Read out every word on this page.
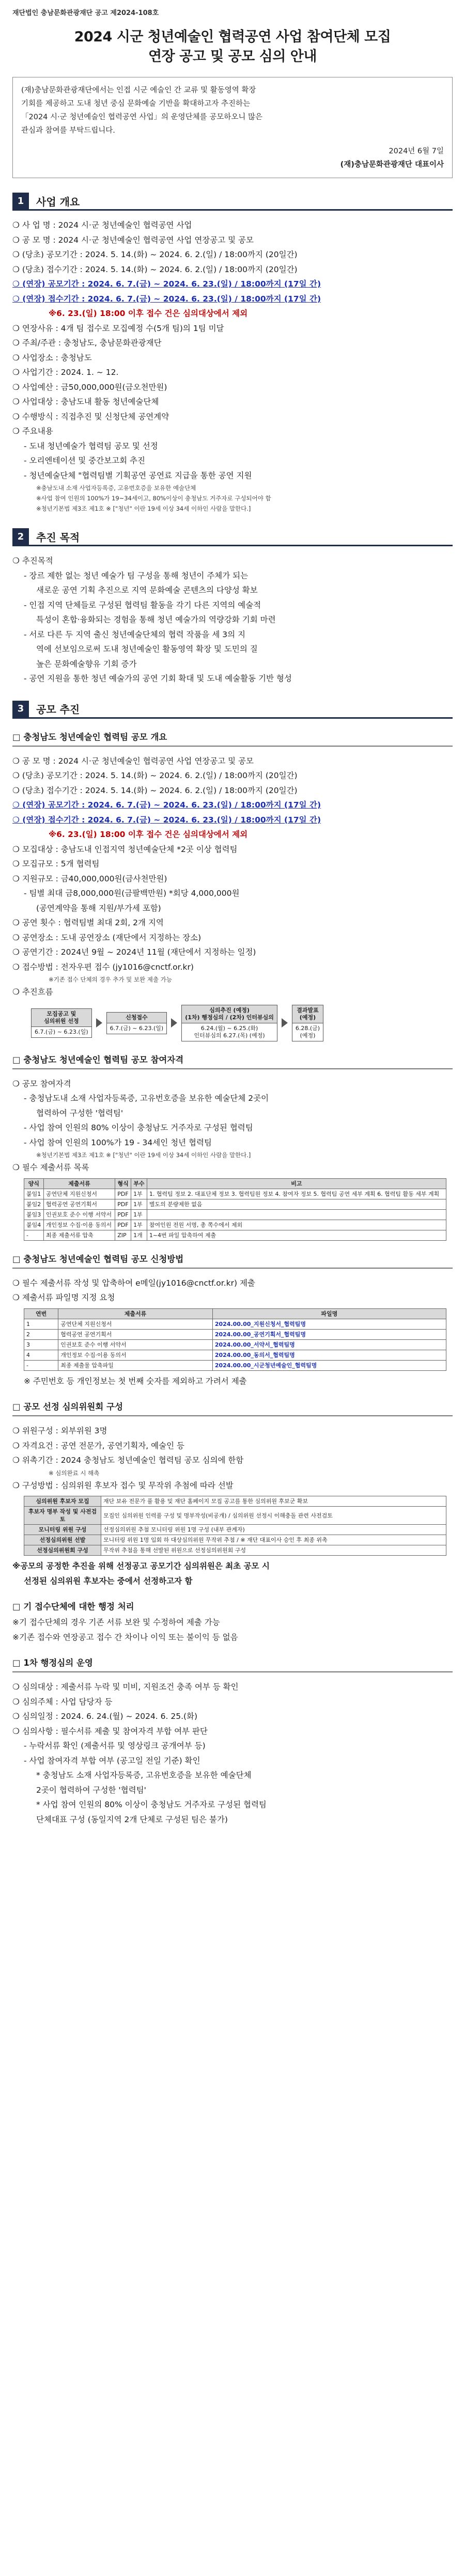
재단법인 충남문화관광재단 공고 제2024-108호
2024 시군 청년예술인 협력공연 사업 참여단체 모집
연장 공고 및 공모 심의 안내
(재)충남문화관광재단에서는 인접 시군 예술인 간 교류 및 활동영역 확장
기회를 제공하고 도내 청년 중심 문화예술 기반을 확대하고자 추진하는
「2024 시·군 청년예술인 협력공연 사업」의 운영단체를 공모하오니 많은
관심과 참여를 부탁드립니다.
2024년 6월 7일
(재)충남문화관광재단 대표이사
1	사업 개요
❍ 사 업 명 : 2024 시·군 청년예술인 협력공연 사업
❍ 공 모 명 : 2024 시·군 청년예술인 협력공연 사업 연장공고 및 공모
❍ (당초) 공모기간 : 2024. 5. 14.(화) ~ 2024. 6. 2.(일) / 18:00까지 (20일간)
❍ (당초) 접수기간 : 2024. 5. 14.(화) ~ 2024. 6. 2.(일) / 18:00까지 (20일간)
❍ (연장) 공모기간 : 2024. 6. 7.(금) ~ 2024. 6. 23.(일) / 18:00까지 (17일 간)
❍ (연장) 접수기간 : 2024. 6. 7.(금) ~ 2024. 6. 23.(일) / 18:00까지 (17일 간)
※6. 23.(일) 18:00 이후 접수 건은 심의대상에서 제외
❍ 연장사유 : 4개 팀 접수로 모집예정 수(5개 팀)의 1팀 미달
❍ 주최/주관 : 충청남도, 충남문화관광재단
❍ 사업장소 : 충청남도
❍ 사업기간 : 2024. 1. ~ 12.
❍ 사업예산 : 금50,000,000원(금오천만원)
❍ 사업대상 : 충남도내 활동 청년예술단체
❍ 수행방식 : 직접추진 및 신청단체 공연계약
❍ 주요내용
- 도내 청년예술가 협력팀 공모 및 선정
- 오리엔테이션 및 중간보고회 추진
- 청년예술단체 "협력팀별 기획공연 공연료 지급을 통한 공연 지원
※충남도내 소재 사업자등록증, 고유번호증을 보유한 예술단체
※사업 참여 인원의 100%가 19~34세이고, 80%이상이 충청남도 거주자로 구성되어야 함
※청년기본법 제3조 제1호 ※ ["청년" 이란 19세 이상 34세 이하인 사람을 말한다.]
2	추진 목적
❍ 추진목적
- 장르 제한 없는 청년 예술가 팀 구성을 통해 청년이 주체가 되는
새로운 공연 기획 추진으로 지역 문화예술 콘텐츠의 다양성 확보
- 인접 지역 단체들로 구성된 협력팀 활동을 각기 다른 지역의 예술적
특성이 혼합·융화되는 경험을 통해 청년 예술가의 역량강화 기회 마련
- 서로 다른 두 지역 출신 청년예술단체의 협력 작품을 세 3의 지
역에 선보임으로써 도내 청년예술인 활동영역 확장 및 도민의 질
높은 문화예술향유 기회 증가
- 공연 지원을 통한 청년 예술가의 공연 기회 확대 및 도내 예술활동 기반 형성
3	공모 추진
□ 충청남도 청년예술인 협력팀 공모 개요
❍ 공 모 명 : 2024 시·군 청년예술인 협력공연 사업 연장공고 및 공모
❍ (당초) 공모기간 : 2024. 5. 14.(화) ~ 2024. 6. 2.(일) / 18:00까지 (20일간)
❍ (당초) 접수기간 : 2024. 5. 14.(화) ~ 2024. 6. 2.(일) / 18:00까지 (20일간)
❍ (연장) 공모기간 : 2024. 6. 7.(금) ~ 2024. 6. 23.(일) / 18:00까지 (17일 간)
❍ (연장) 접수기간 : 2024. 6. 7.(금) ~ 2024. 6. 23.(일) / 18:00까지 (17일 간)
※6. 23.(일) 18:00 이후 접수 건은 심의대상에서 제외
❍ 모집대상 : 충남도내 인접지역 청년예술단체 *2곳 이상 협력팀
❍ 모집규모 : 5개 협력팀
❍ 지원규모 : 금40,000,000원(금사천만원)
- 팀별 최대 금8,000,000원(금팔백만원) *회당 4,000,000원
(공연계약을 통해 지원/부가세 포함)
❍ 공연 횟수 : 협력팀별 최대 2회, 2개 지역
❍ 공연장소 : 도내 공연장소 (재단에서 지정하는 장소)
❍ 공연기간 : 2024년 9월 ~ 2024년 11월 (재단에서 지정하는 일정)
❍ 접수방법 : 전자우편 접수 (jy1016@cnctf.or.kr)
※기존 접수 단체의 경우 추가 및 보완 제출 가능
❍ 추진흐름
모집공고 및
심의위원 선정
6.7.(금) ~ 6.23.(일)
신청접수
6.7.(금) ~ 6.23.(일)
심의추진 (예정)
(1차) 행정심의 / (2차) 인터뷰심의
6.24.(월) ~ 6.25.(화)
인터뷰심의 6.27.(목) (예정)
결과발표
(예정)
6.28.(금)
(예정)
□ 충청남도 청년예술인 협력팀 공모 참여자격
❍ 공모 참여자격
- 충청남도내 소재 사업자등록증, 고유번호증을 보유한 예술단체 2곳이
협력하여 구성한 '협력팀'
- 사업 참여 인원의 80% 이상이 충청남도 거주자로 구성된 협력팀
- 사업 참여 인원의 100%가 19 - 34세인 청년 협력팀
※청년기본법 제3조 제1호 ※ ["청년" 이란 19세 이상 34세 이하인 사람을 말한다.]
❍ 필수 제출서류 목록
양식	제출서류	형식	부수	비고
붙임1	공연단체 지원신청서	PDF	1부	1. 협력팀 정보 2. 대표단체 정보 3. 협력팀원 정보 4. 참여자 정보 5. 협력팀 공연 세부 계획 6. 협력팀 활동 세부 계획
붙임2	협력공연 공연기획서	PDF	1부	별도의 분량제한 없음
붙임3	인권보호 준수 이행 서약서	PDF	1부	
붙임4	개인정보 수집·이용 동의서	PDF	1부	참여인원 전원 서명, 총 쪽수에서 제외
-	최종 제출서류 압축	ZIP	1개	1~4번 파일 압축하여 제출
□ 충청남도 청년예술인 협력팀 공모 신청방법
❍ 필수 제출서류 작성 및 압축하여 e메일(jy1016@cnctf.or.kr) 제출
❍ 제출서류 파일명 지정 요청
연번	제출서류	파일명
1	공연단체 지원신청서	2024.00.00_지원신청서_협력팀명
2	협력공연 공연기획서	2024.00.00_공연기획서_협력팀명
3	인권보호 준수 이행 서약서	2024.00.00_서약서_협력팀명
4	개인정보 수집·이용 동의서	2024.00.00_동의서_협력팀명
-	최종 제출물 압축파일	2024.00.00_시군청년예술인_협력팀명
※ 주민번호 등 개인정보는 첫 번째 숫자를 제외하고 가려서 제출
□ 공모 선정 심의위원회 구성
❍ 위원구성 : 외부위원 3명
❍ 자격요건 : 공연 전문가, 공연기획자, 예술인 등
❍ 위촉기간 : 2024 충청남도 청년예술인 협력팀 공모 심의에 한함
※ 심의완료 시 해촉
❍ 구성방법 : 심의위원 후보자 접수 및 무작위 추첨에 따라 선발
심의위원 후보자 모집	재단 보유 전문가 풀 활용 및 재단 홈페이지 모집 공고를 통한 심의위원 후보군 확보
후보자 명부 작성 및 사전검토	모집인 심의위원 인력풀 구성 및 명부작성(비공개) / 심의위원 선정시 이해충돌 관련 사전검토
모니터링 위원 구성	선정심의위원 추첨 모니터링 위원 1명 구성 (내부 관계자)
선정심의위원 선발	모니터링 위원 1명 입회 하 대상심의위원 무작위 추첨 / ※ 재단 대표이사 승인 후 최종 위촉
선정심의위원회 구성	무작위 추첨을 통해 선발된 위원으로 선정심의위원회 구성
※공모의 공정한 추진을 위해 선정공고 공모기간 심의위원은 최초 공모 시
선정된 심의위원 후보자는 중에서 선정하고자 함
□ 기 접수단체에 대한 행정 처리
※기 접수단체의 경우 기존 서류 보완 및 수정하여 제출 가능
※기존 접수와 연장공고 접수 간 차이나 이익 또는 불이익 등 없음
□ 1차 행정심의 운영
❍ 심의대상 : 제출서류 누락 및 미비, 지원조건 충족 여부 등 확인
❍ 심의주체 : 사업 담당자 등
❍ 심의일정 : 2024. 6. 24.(월) ~ 2024. 6. 25.(화)
❍ 심의사항 : 필수서류 제출 및 참여자격 부합 여부 판단
- 누락서류 확인 (제출서류 및 영상링크 공개여부 등)
- 사업 참여자격 부합 여부 (공고일 전일 기준) 확인
* 충청남도 소재 사업자등록증, 고유번호증을 보유한 예술단체
2곳이 협력하여 구성한 '협력팀'
* 사업 참여 인원의 80% 이상이 충청남도 거주자로 구성된 협력팀
단체대표 구성 (동일지역 2개 단체로 구성된 팀은 불가)
